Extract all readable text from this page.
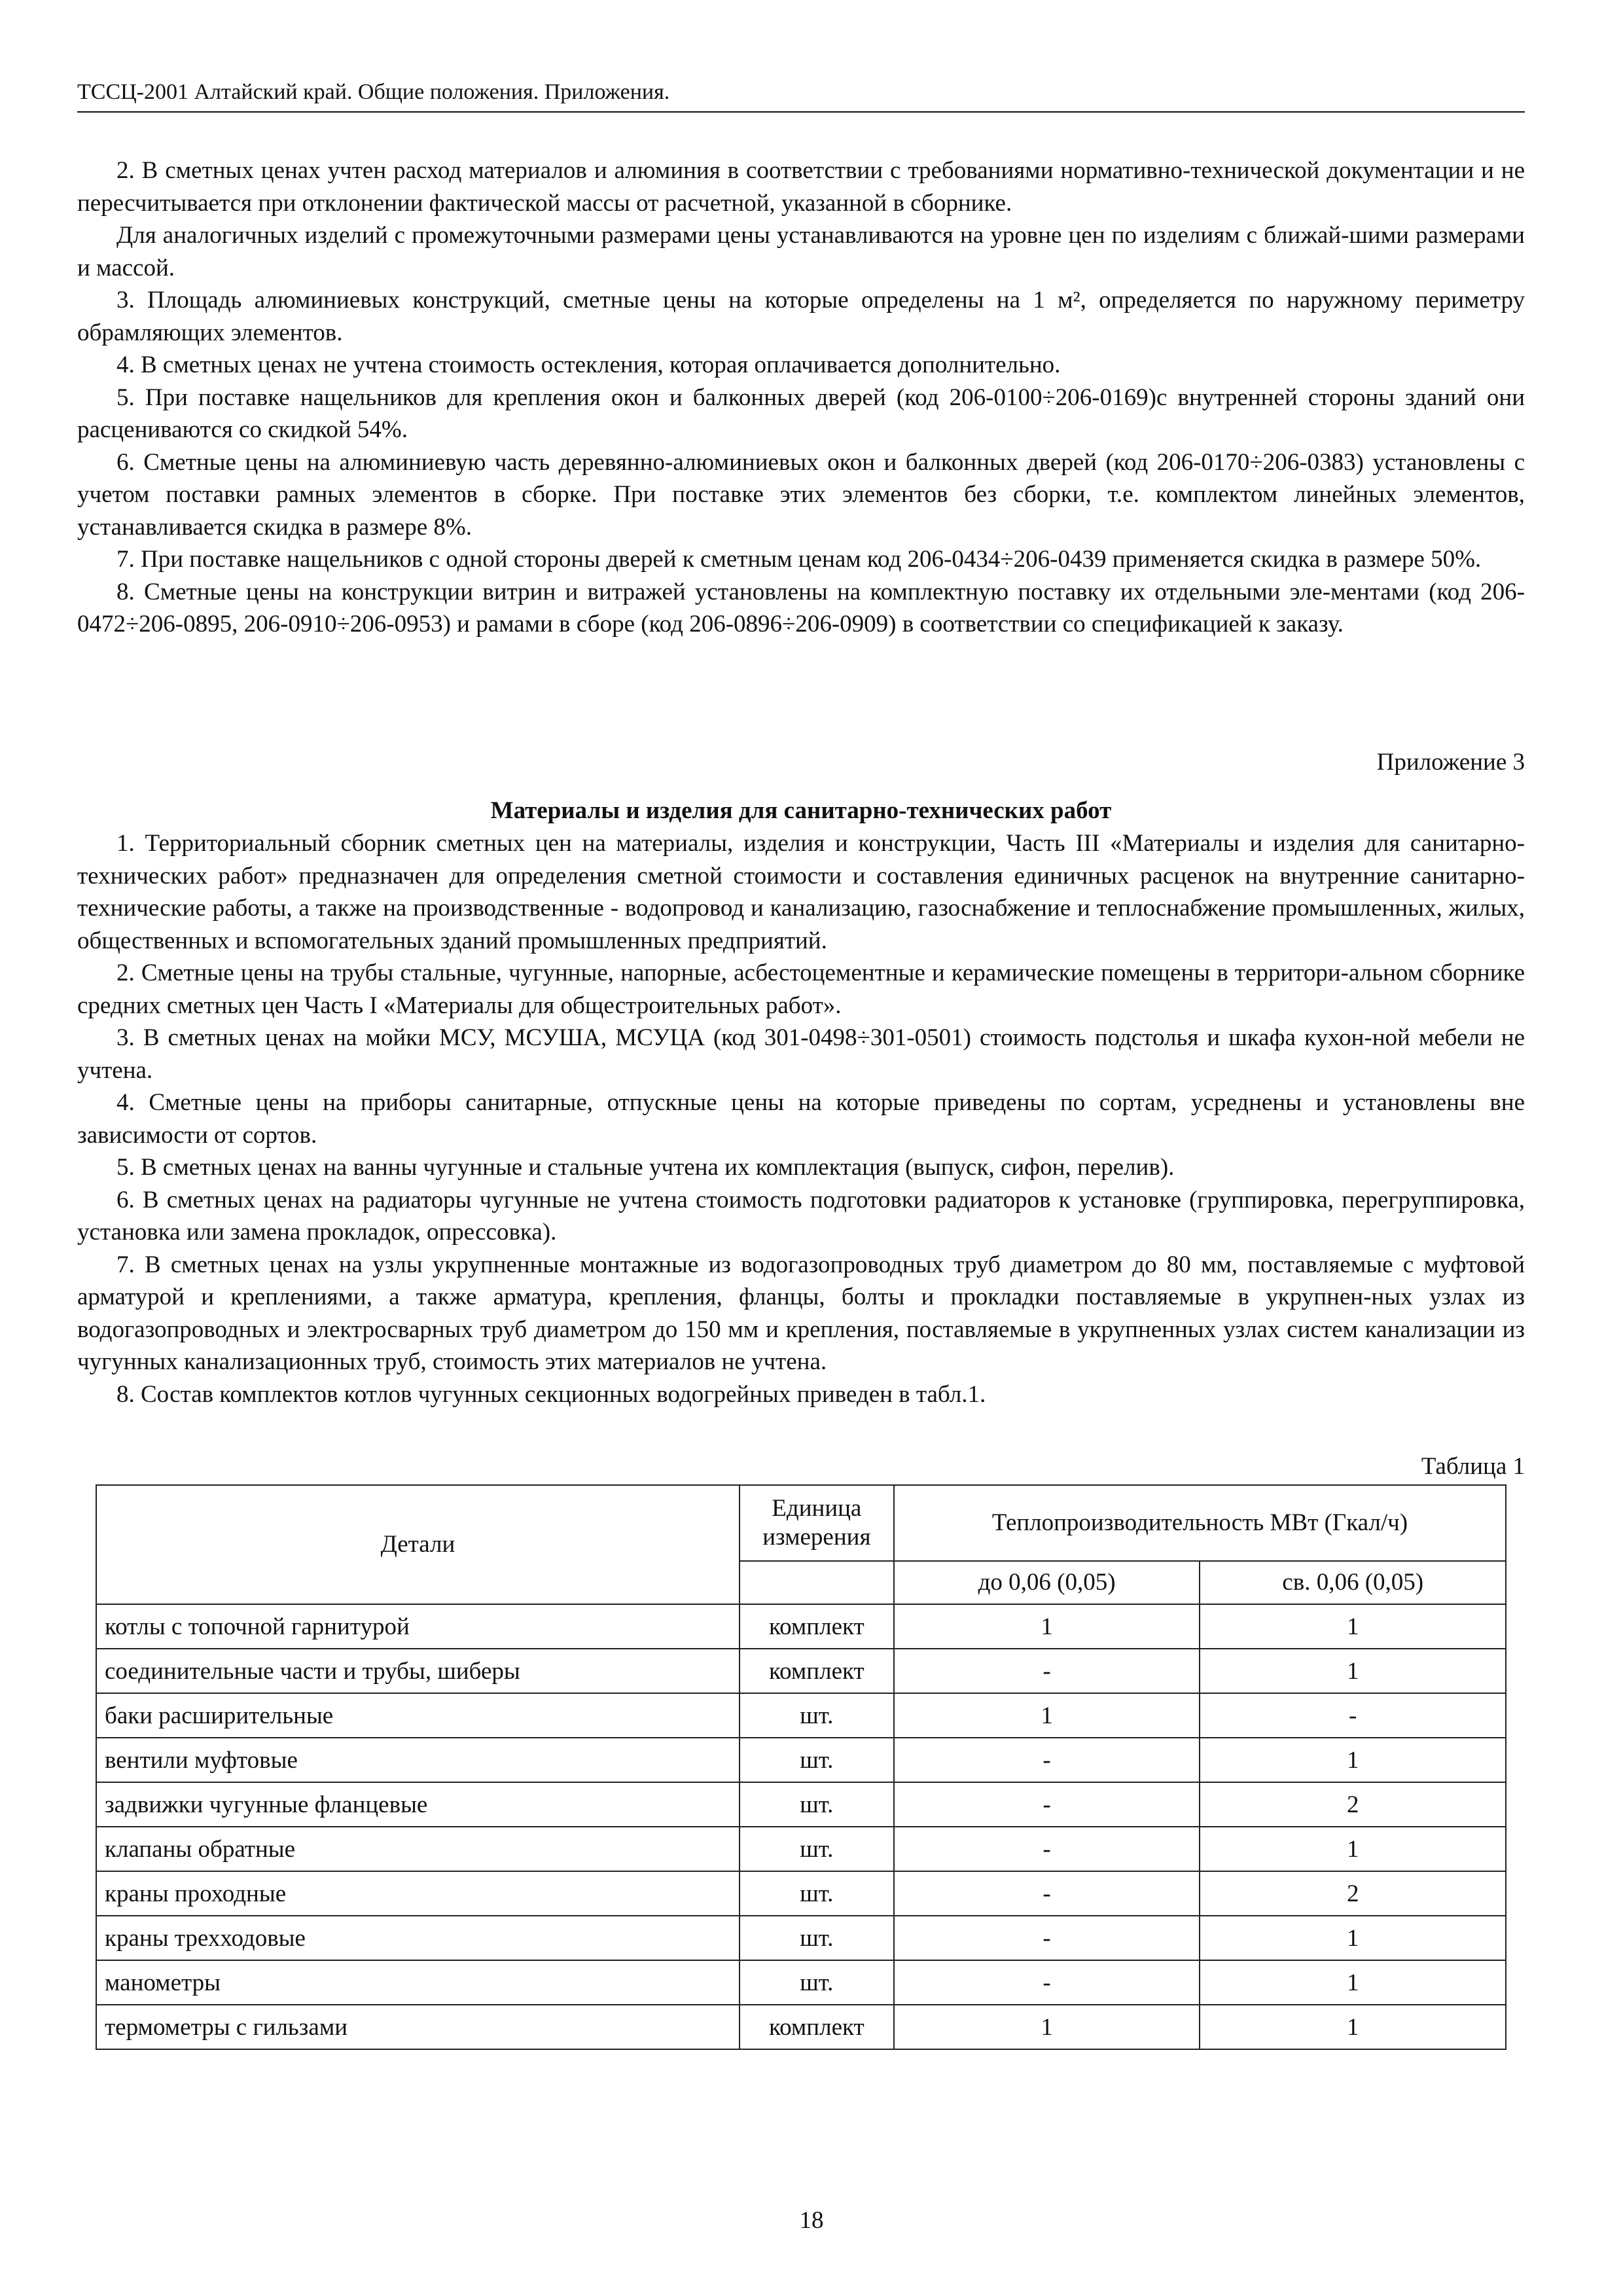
ТССЦ-2001 Алтайский край. Общие положения. Приложения.

2. В сметных ценах учтен расход материалов и алюминия в соответствии с требованиями нормативно-технической документации и не пересчитывается при отклонении фактической массы от расчетной, указанной в сборнике.

Для аналогичных изделий с промежуточными размерами цены устанавливаются на уровне цен по изделиям с ближай-шими размерами и массой.

3. Площадь алюминиевых конструкций, сметные цены на которые определены на 1 м², определяется по наружному периметру обрамляющих элементов.

4. В сметных ценах не учтена стоимость остекления, которая оплачивается дополнительно.

5. При поставке нащельников для крепления окон и балконных дверей (код 206-0100÷206-0169)с внутренней стороны зданий они расцениваются со скидкой 54%.

6. Сметные цены на алюминиевую часть деревянно-алюминиевых окон и балконных дверей (код 206-0170÷206-0383) установлены с учетом поставки рамных элементов в сборке. При поставке этих элементов без сборки, т.е. комплектом линейных элементов, устанавливается скидка в размере 8%.

7. При поставке нащельников с одной стороны дверей к сметным ценам код 206-0434÷206-0439 применяется скидка в размере 50%.

8. Сметные цены на конструкции витрин и витражей установлены на комплектную поставку их отдельными эле-ментами (код 206-0472÷206-0895, 206-0910÷206-0953) и рамами в сборе (код 206-0896÷206-0909) в соответствии со спецификацией к заказу.

Приложение 3
Материалы и изделия для санитарно-технических работ

1. Территориальный сборник сметных цен на материалы, изделия и конструкции, Часть III «Материалы и изделия для санитарно-технических работ» предназначен для определения сметной стоимости и составления единичных расценок на внутренние санитарно-технические работы, а также на производственные - водопровод и канализацию, газоснабжение и теплоснабжение промышленных, жилых, общественных и вспомогательных зданий промышленных предприятий.

2. Сметные цены на трубы стальные, чугунные, напорные, асбестоцементные и керамические помещены в территори-альном сборнике средних сметных цен Часть I «Материалы для общестроительных работ».

3. В сметных ценах на мойки МСУ, МСУША, МСУЦА (код 301-0498÷301-0501) стоимость подстолья и шкафа кухон-ной мебели не учтена.

4. Сметные цены на приборы санитарные, отпускные цены на которые приведены по сортам, усреднены и установлены вне зависимости от сортов.

5. В сметных ценах на ванны чугунные и стальные учтена их комплектация (выпуск, сифон, перелив).

6. В сметных ценах на радиаторы чугунные не учтена стоимость подготовки радиаторов к установке (группировка, перегруппировка, установка или замена прокладок, опрессовка).

7. В сметных ценах на узлы укрупненные монтажные из водогазопроводных труб диаметром до 80 мм, поставляемые с муфтовой арматурой и креплениями, а также арматура, крепления, фланцы, болты и прокладки поставляемые в укрупнен-ных узлах из водогазопроводных и электросварных труб диаметром до 150 мм и крепления, поставляемые в укрупненных узлах систем канализации из чугунных канализационных труб, стоимость этих материалов не учтена.

8. Состав комплектов котлов чугунных секционных водогрейных приведен в табл.1.

Таблица 1
Детали	Единица измерения	Теплопроизводительность МВт (Гкал/ч)	
		до 0,06 (0,05)	св. 0,06 (0,05)
котлы с топочной гарнитурой	комплект	1	1
соединительные части и трубы, шиберы	комплект	-	1
баки расширительные	шт.	1	-
вентили муфтовые	шт.	-	1
задвижки чугунные фланцевые	шт.	-	2
клапаны обратные	шт.	-	1
краны проходные	шт.	-	2
краны трехходовые	шт.	-	1
манометры	шт.	-	1
термометры с гильзами	комплект	1	1
18
